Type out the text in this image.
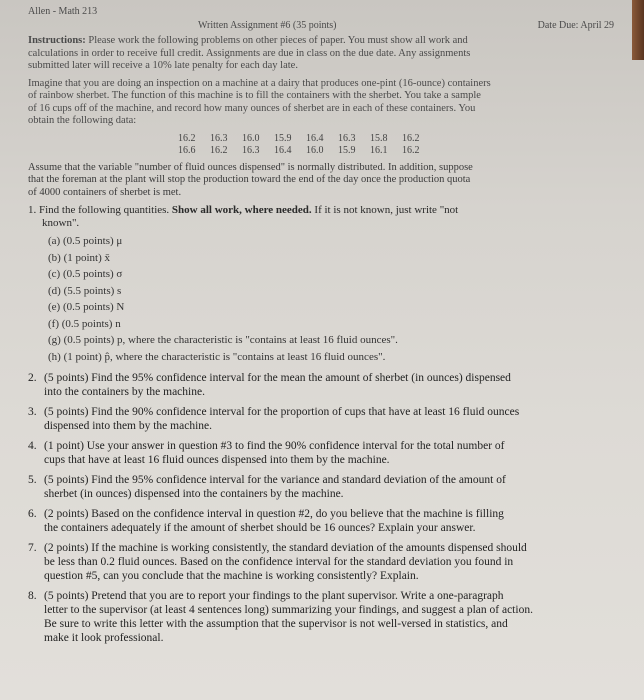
Allen - Math 213
Written Assignment #6 (35 points)	Date Due: April 29
Instructions: Please work the following problems on other pieces of paper. You must show all work and
calculations in order to receive full credit. Assignments are due in class on the due date. Any assignments
submitted later will receive a 10% late penalty for each day late.
Imagine that you are doing an inspection on a machine at a dairy that produces one-pint (16-ounce) containers
of rainbow sherbet. The function of this machine is to fill the containers with the sherbet. You take a sample
of 16 cups off of the machine, and record how many ounces of sherbet are in each of these containers. You
obtain the following data:
16.2 16.3 16.0 15.9 16.4 16.3 15.8 16.2
16.6 16.2 16.3 16.4 16.0 15.9 16.1 16.2
Assume that the variable "number of fluid ounces dispensed" is normally distributed. In addition, suppose
that the foreman at the plant will stop the production toward the end of the day once the production quota
of 4000 containers of sherbet is met.
1. Find the following quantities. Show all work, where needed. If it is not known, just write "not
known".
(a) (0.5 points) μ
(b) (1 point) x̄
(c) (0.5 points) σ
(d) (5.5 points) s
(e) (0.5 points) N
(f) (0.5 points) n
(g) (0.5 points) p, where the characteristic is "contains at least 16 fluid ounces".
(h) (1 point) p̂, where the characteristic is "contains at least 16 fluid ounces".
2. (5 points) Find the 95% confidence interval for the mean the amount of sherbet (in ounces) dispensed
into the containers by the machine.
3. (5 points) Find the 90% confidence interval for the proportion of cups that have at least 16 fluid ounces
dispensed into them by the machine.
4. (1 point) Use your answer in question #3 to find the 90% confidence interval for the total number of
cups that have at least 16 fluid ounces dispensed into them by the machine.
5. (5 points) Find the 95% confidence interval for the variance and standard deviation of the amount of
sherbet (in ounces) dispensed into the containers by the machine.
6. (2 points) Based on the confidence interval in question #2, do you believe that the machine is filling
the containers adequately if the amount of sherbet should be 16 ounces? Explain your answer.
7. (2 points) If the machine is working consistently, the standard deviation of the amounts dispensed should
be less than 0.2 fluid ounces. Based on the confidence interval for the standard deviation you found in
question #5, can you conclude that the machine is working consistently? Explain.
8. (5 points) Pretend that you are to report your findings to the plant supervisor. Write a one-paragraph
letter to the supervisor (at least 4 sentences long) summarizing your findings, and suggest a plan of action.
Be sure to write this letter with the assumption that the supervisor is not well-versed in statistics, and
make it look professional.
